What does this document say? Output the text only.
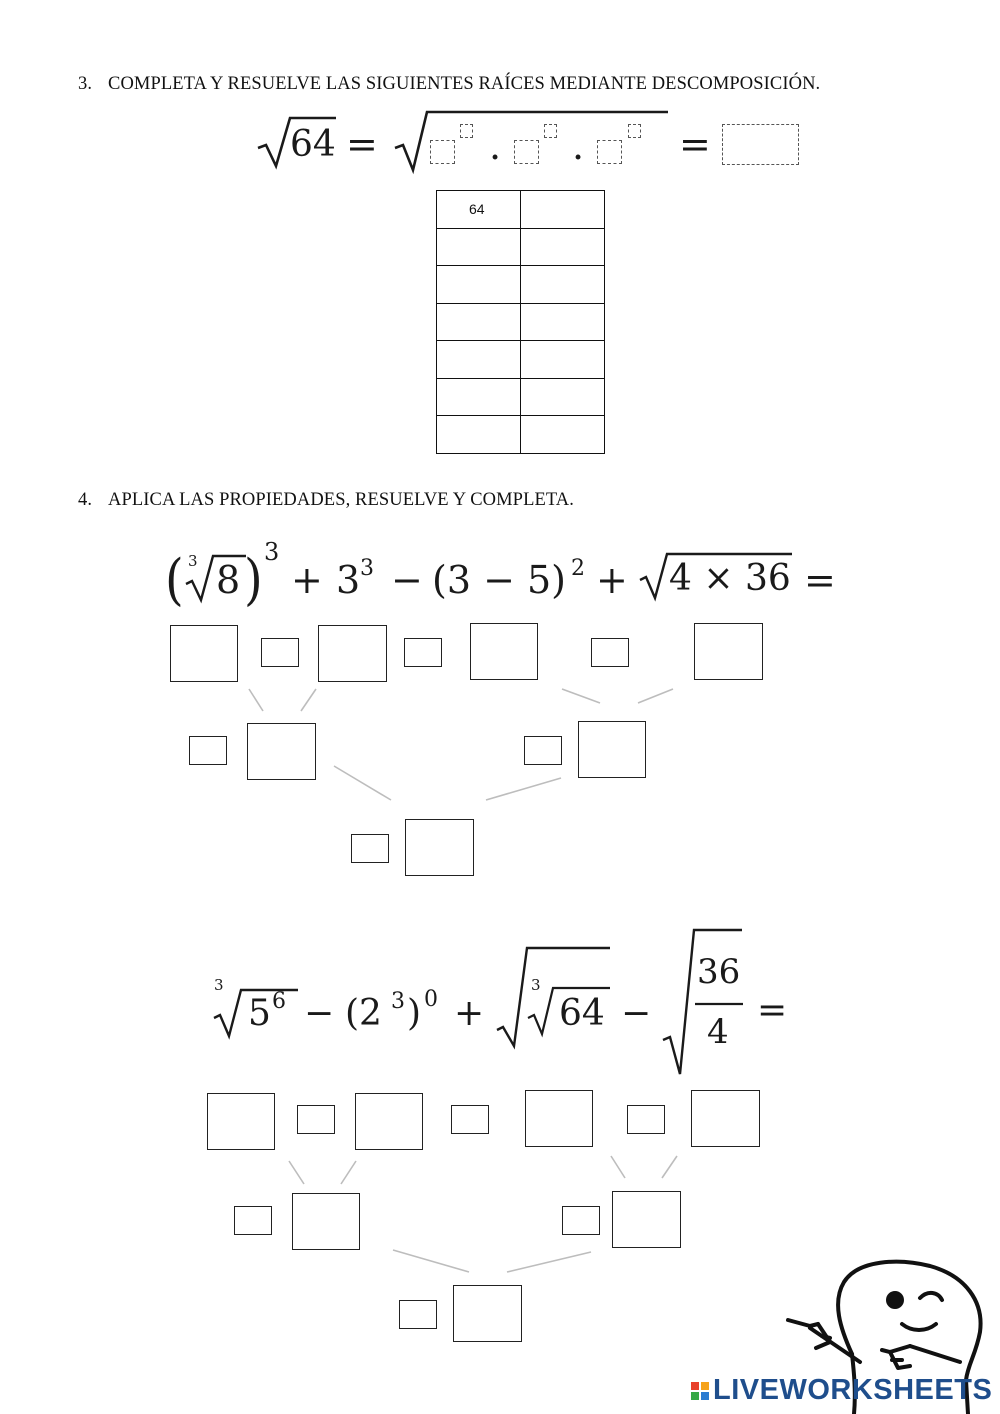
3. COMPLETA Y RESUELVE LAS SIGUIENTES RAÍCES MEDIANTE DESCOMPOSICIÓN.
64 =	. . =
64	

4. APLICA LAS PROPIEDADES, RESUELVE Y COMPLETA.
( 3 8 ) 3
+ 3 3 − (3 − 5) 2 + 4 × 36 =
3
5 6 − (2 3 ) 0 +
3
64 −
36
4
=
LIVEWORKSHEETS
